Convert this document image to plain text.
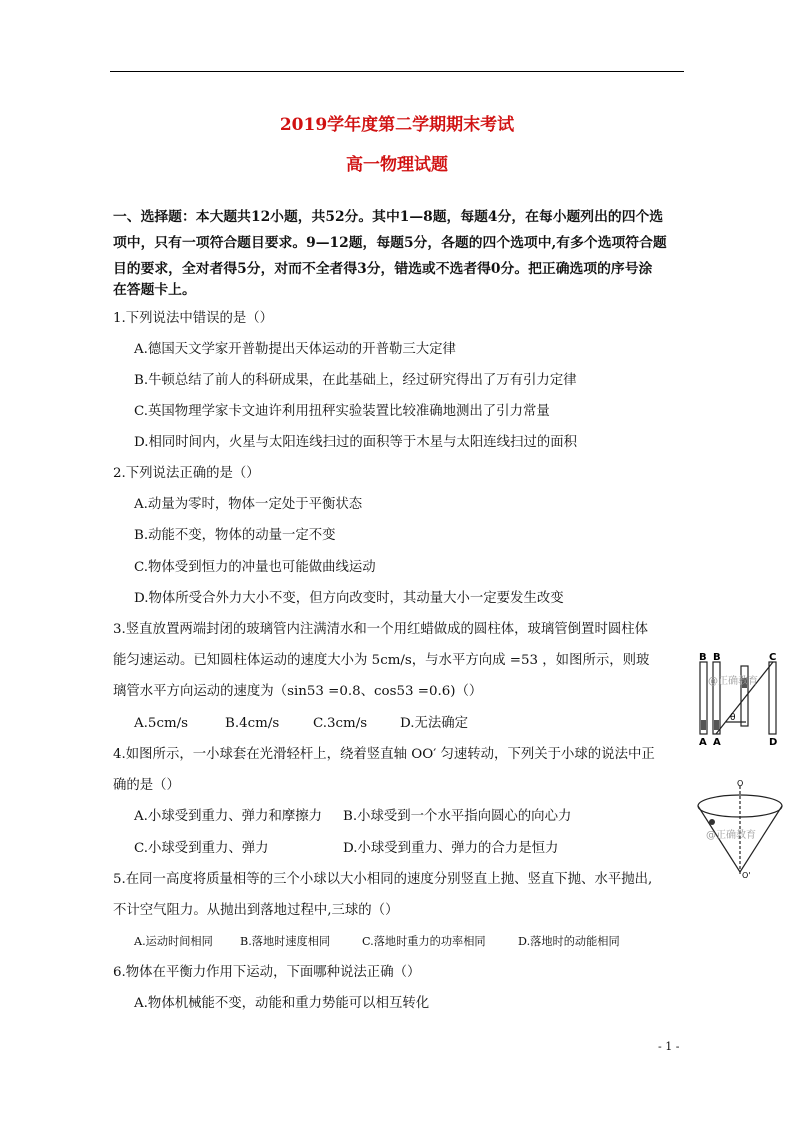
2019学年度第二学期期末考试
高一物理试题
一、选择题：本大题共12小题，共52分。其中1—8题，每题4分，在每小题列出的四个选
项中，只有一项符合题目要求。9—12题，每题5分，各题的四个选项中,有多个选项符合题
目的要求，全对者得5分，对而不全者得3分，错选或不选者得0分。把正确选项的序号涂
在答题卡上。
1.下列说法中错误的是（）
A.德国天文学家开普勒提出天体运动的开普勒三大定律
B.牛顿总结了前人的科研成果，在此基础上，经过研究得出了万有引力定律
C.英国物理学家卡文迪许利用扭秤实验装置比较准确地测出了引力常量
D.相同时间内，火星与太阳连线扫过的面积等于木星与太阳连线扫过的面积
2.下列说法正确的是（）
A.动量为零时，物体一定处于平衡状态
B.动能不变，物体的动量一定不变
C.物体受到恒力的冲量也可能做曲线运动
D.物体所受合外力大小不变，但方向改变时，其动量大小一定要发生改变
3.竖直放置两端封闭的玻璃管内注满清水和一个用红蜡做成的圆柱体，玻璃管倒置时圆柱体
能匀速运动。已知圆柱体运动的速度大小为 5cm/s，与水平方向成 =53 ，如图所示，则玻
璃管水平方向运动的速度为（sin53 =0.8、cos53 =0.6)（）
A.5cm/s	B.4cm/s	C.3cm/s D.无法确定
B B	C
A A	D
θ
@正确教育
4.如图所示，一小球套在光滑轻杆上，绕着竖直轴 OO′ 匀速转动，下列关于小球的说法中正
确的是（）
A.小球受到重力、弹力和摩擦力 B.小球受到一个水平指向圆心的向心力
C.小球受到重力、弹力	D.小球受到重力、弹力的合力是恒力
O
O'
@正确教育
5.在同一高度将质量相等的三个小球以大小相同的速度分别竖直上抛、竖直下抛、水平抛出,
不计空气阻力。从抛出到落地过程中,三球的（）
A.运动时间相同 B.落地时速度相同	C.落地时重力的功率相同	D.落地时的动能相同
6.物体在平衡力作用下运动，下面哪种说法正确（）
A.物体机械能不变，动能和重力势能可以相互转化
- 1 -
